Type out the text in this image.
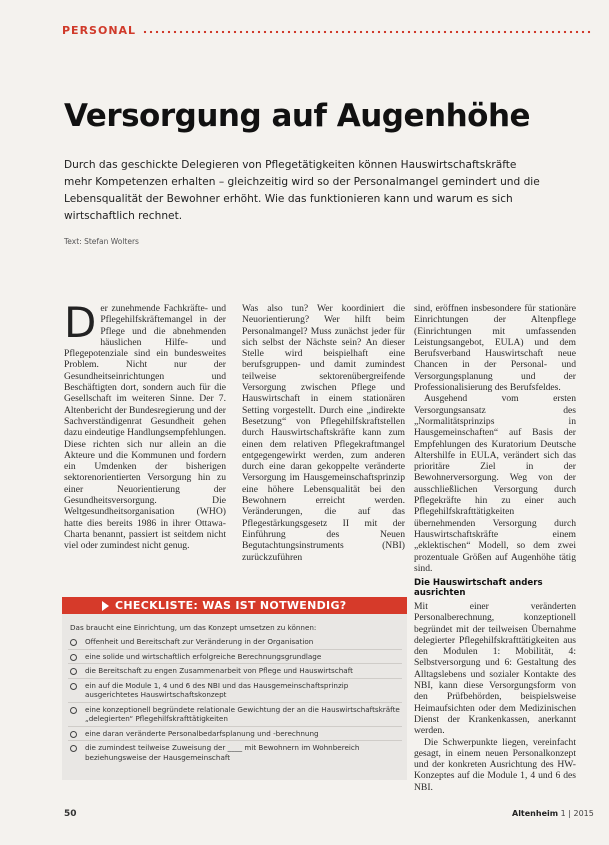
PERSONAL
Versorgung auf Augenhöhe

Durch das geschickte Delegieren von Pflegetätigkeiten können Hauswirtschaftskräfte mehr Kompetenzen erhalten – gleichzeitig wird so der Personalmangel gemindert und die Lebensqualität der Bewohner erhöht. Wie das funktionieren kann und warum es sich wirtschaftlich rechnet.

Text: Stefan Wolters

Der zunehmende Fachkräfte- und Pflegehilfskräftemangel in der Pflege und die abnehmenden häuslichen Hilfe- und Pflegepotenziale sind ein bundesweites Problem. Nicht nur der Gesundheitseinrichtungen und Beschäftigten dort, sondern auch für die Gesellschaft im weiteren Sinne. Der 7. Altenbericht der Bundesregierung und der Sachverständigenrat Gesundheit gehen dazu eindeutige Handlungsempfehlungen. Diese richten sich nur allein an die Akteure und die Kommunen und fordern ein Umdenken der bisherigen sektorenorientierten Versorgung hin zu einer Neuorientierung der Gesundheitsversorgung. Die Weltgesundheitsorganisation (WHO) hatte dies bereits 1986 in ihrer Ottawa-Charta benannt, passiert ist seitdem nicht viel oder zumindest nicht genug.

Was also tun? Wer koordiniert die Neuorientierung? Wer hilft beim Personalmangel? Muss zunächst jeder für sich selbst der Nächste sein? An dieser Stelle wird beispielhaft eine berufsgruppen- und damit zumindest teilweise sektorenübergreifende Versorgung zwischen Pflege und Hauswirtschaft in einem stationären Setting vorgestellt. Durch eine „indirekte Besetzung“ von Pflegehilfskraftstellen durch Hauswirtschaftskräfte kann zum einen dem relativen Pflegekraftmangel entgegengewirkt werden, zum anderen durch eine daran gekoppelte veränderte Versorgung im Hausgemeinschaftsprinzip eine höhere Lebensqualität bei den Bewohnern erreicht werden. Veränderungen, die auf das Pflegestärkungsgesetz II mit der Einführung des Neuen Begutachtungsinstruments (NBI) zurückzuführen

sind, eröffnen insbesondere für stationäre Einrichtungen der Altenpflege (Einrichtungen mit umfassenden Leistungsangebot, EULA) und dem Berufsverband Hauswirtschaft neue Chancen in der Personal- und Versorgungsplanung und der Professionalisierung des Berufsfeldes.

Ausgehend vom ersten Versorgungsansatz des „Normalitätsprinzips in Hausgemeinschaften“ auf Basis der Empfehlungen des Kuratorium Deutsche Altershilfe in EULA, verändert sich das prioritäre Ziel in der Bewohnerversorgung. Weg von der ausschließlichen Versorgung durch Pflegekräfte hin zu einer auch Pflegehilfskrafttätigkeiten übernehmenden Versorgung durch Hauswirtschaftskräfte einem „eklektischen“ Modell, so dem zwei prozentuale Größen auf Augenhöhe tätig sind.

Die Hauswirtschaft anders ausrichten

Mit einer veränderten Personalberechnung, konzeptionell begründet mit der teilweisen Übernahme delegierter Pflegehilfskrafttätigkeiten aus den Modulen 1: Mobilität, 4: Selbstversorgung und 6: Gestaltung des Alltagslebens und sozialer Kontakte des NBI, kann diese Versorgungsform von den Prüfbehörden, beispielsweise Heimaufsichten oder dem Medizinischen Dienst der Krankenkassen, anerkannt werden.

Die Schwerpunkte liegen, vereinfacht gesagt, in einem neuen Personalkonzept und der konkreten Ausrichtung des HW-Konzeptes auf die Module 1, 4 und 6 des NBI.

CHECKLISTE: WAS IST NOTWENDIG?
Das braucht eine Einrichtung, um das Konzept umsetzen zu können:
Offenheit und Bereitschaft zur Veränderung in der Organisation
eine solide und wirtschaftlich erfolgreiche Berechnungsgrundlage
die Bereitschaft zu engen Zusammenarbeit von Pflege und Hauswirtschaft
ein auf die Module 1, 4 und 6 des NBI und das Hausgemeinschaftsprinzip ausgerichtetes Hauswirtschaftskonzept
eine konzeptionell begründete relationale Gewichtung der an die Hauswirtschaftskräfte „delegierten“ Pflegehilfskrafttätigkeiten
eine daran veränderte Personalbedarfsplanung und -berechnung
die zumindest teilweise Zuweisung der ____ mit Bewohnern im Wohnbereich beziehungsweise der Hausgemeinschaft
50	Altenheim 1 | 2015
